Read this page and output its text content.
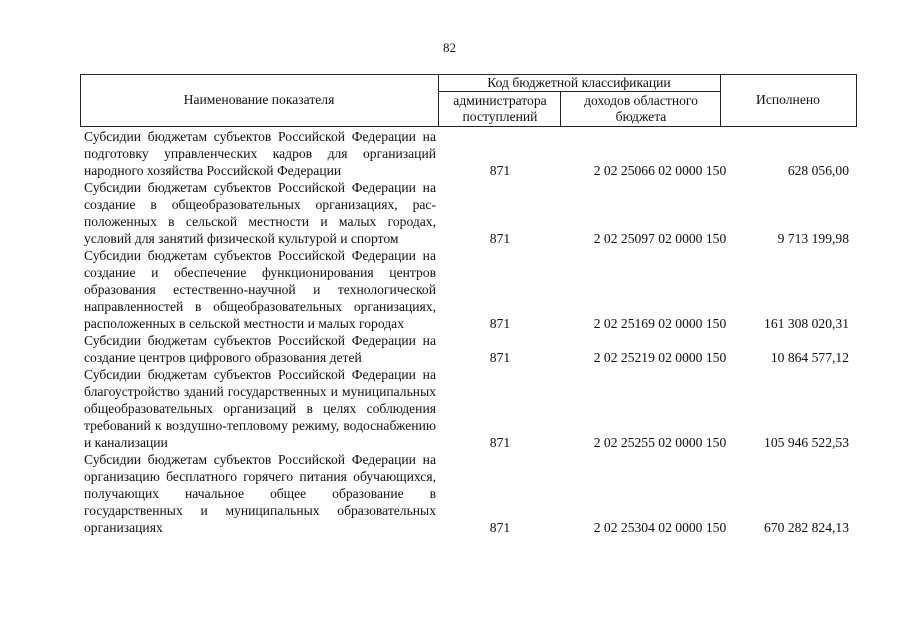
82
Наименование показателя
Код бюджетной классификации
администратора поступлений
доходов областного бюджета
Исполнено
Субсидии бюджетам субъектов Российской Федерации на подготовку управленческих кадров для организаций народного хозяйства Российской Федерации	871	2 02 25066 02 0000 150	628 056,00
Субсидии бюджетам субъектов Российской Федерации на создание в общеобразовательных организациях, расположенных в сельской местности и малых городах, условий для занятий физической культурой и спортом	871	2 02 25097 02 0000 150	9 713 199,98
Субсидии бюджетам субъектов Российской Федерации на создание и обеспечение функционирования центров образования естественно-научной и технологической направленностей в общеобразовательных организациях, расположенных в сельской местности и малых городах	871	2 02 25169 02 0000 150	161 308 020,31
Субсидии бюджетам субъектов Российской Федерации на создание центров цифрового образования детей	871	2 02 25219 02 0000 150	10 864 577,12
Субсидии бюджетам субъектов Российской Федерации на благоустройство зданий государственных и муниципальных общеобразовательных организаций в целях соблюдения требований к воздушно-тепловому режиму, водоснабжению и канализации	871	2 02 25255 02 0000 150	105 946 522,53
Субсидии бюджетам субъектов Российской Федерации на организацию бесплатного горячего питания обучающихся, получающих начальное общее образование в государственных и муниципальных образовательных организациях	871	2 02 25304 02 0000 150	670 282 824,13
